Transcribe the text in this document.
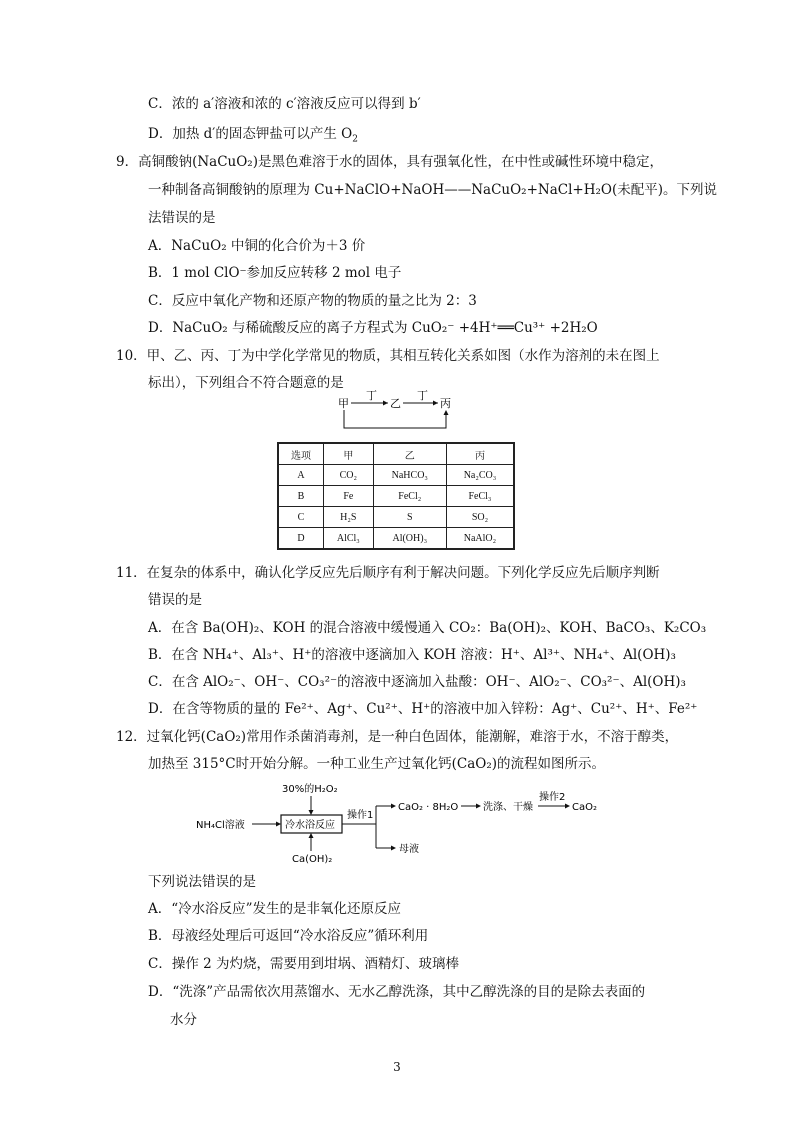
C．浓的 a′溶液和浓的 c′溶液反应可以得到 b′
D．加热 d′的固态钾盐可以产生 $O_2$
9．高铜酸钠(NaCuO₂)是黑色难溶于水的固体，具有强氧化性，在中性或碱性环境中稳定，
一种制备高铜酸钠的原理为 Cu+NaClO+NaOH——NaCuO₂+NaCl+H₂O(未配平)。下列说
法错误的是
A．NaCuO₂ 中铜的化合价为＋3 价
B．1 mol ClO⁻参加反应转移 2 mol 电子
C．反应中氧化产物和还原产物的物质的量之比为 2：3
D．NaCuO₂ 与稀硫酸反应的离子方程式为 CuO₂⁻ +4H⁺══Cu³⁺ +2H₂O
10．甲、乙、丙、丁为中学化学常见的物质，其相互转化关系如图（水作为溶剂的未在图上
标出），下列组合不符合题意的是
甲	乙	丙
丁	丁
选项	甲	乙	丙
A	CO₂	NaHCO₃	Na₂CO₃
B	Fe	FeCl₂	FeCl₃
C	H₂S	S	SO₂
D	AlCl₃	Al(OH)₃	NaAlO₂
11．在复杂的体系中，确认化学反应先后顺序有利于解决问题。下列化学反应先后顺序判断
错误的是
A．在含 Ba(OH)₂、KOH 的混合溶液中缓慢通入 CO₂：Ba(OH)₂、KOH、BaCO₃、K₂CO₃
B．在含 NH₄⁺、Al₃⁺、H⁺的溶液中逐滴加入 KOH 溶液：H⁺、Al³⁺、NH₄⁺、Al(OH)₃
C．在含 AlO₂⁻、OH⁻、CO₃²⁻的溶液中逐滴加入盐酸：OH⁻、AlO₂⁻、CO₃²⁻、Al(OH)₃
D．在含等物质的量的 Fe²⁺、Ag⁺、Cu²⁺、H⁺的溶液中加入锌粉：Ag⁺、Cu²⁺、H⁺、Fe²⁺
12．过氧化钙(CaO₂)常用作杀菌消毒剂，是一种白色固体，能潮解，难溶于水，不溶于醇类，
加热至 315°C时开始分解。一种工业生产过氧化钙(CaO₂)的流程如图所示。
NH₄Cl溶液
30%的H₂O₂
冷水浴反应
Ca(OH)₂
操作1
CaO₂ · 8H₂O 洗涤、干燥
操作2
CaO₂
母液
下列说法错误的是
A．“冷水浴反应”发生的是非氧化还原反应
B．母液经处理后可返回“冷水浴反应”循环利用
C．操作 2 为灼烧，需要用到坩埚、酒精灯、玻璃棒
D．“洗涤”产品需依次用蒸馏水、无水乙醇洗涤，其中乙醇洗涤的目的是除去表面的
水分
3
